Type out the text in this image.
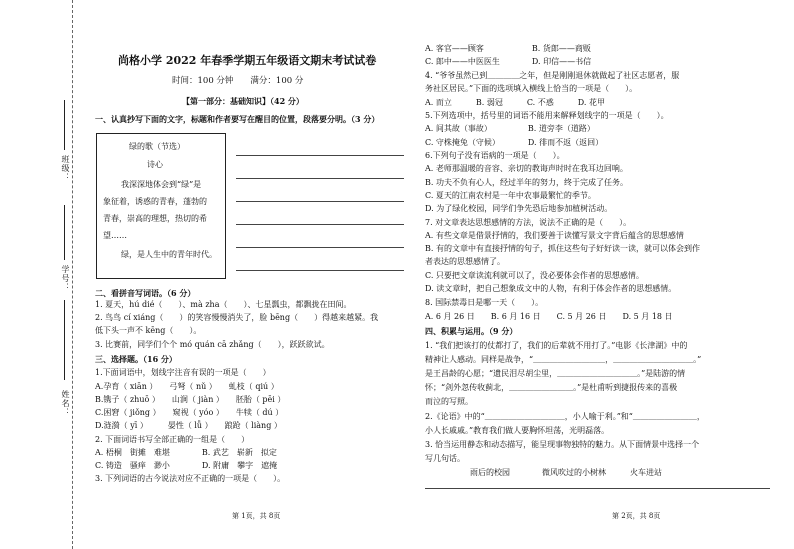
班级：
学号：
姓名：
尚格小学 2022 年春季学期五年级语文期末考试试卷
时间：100 分钟　　满分：100 分
【第一部分：基础知识】（42 分）
一、认真抄写下面的文字，标题和作者要写在醒目的位置，段落要分明。（3 分）
绿的歌（节选）
诗心
我深深地体会到“绿”是
象征着，诱惑的青春，蓬勃的
青春，崇高的理想，热切的希
望……
绿，是人生中的青年时代。
二、看拼音写词语。（6 分）
1. 夏天，hú dié（　　）、mà zha（　　）、七星瓢虫，都飘拢在田间。
2. 鸟鸟 cí xiáng（　　）的笑容慢慢消失了，脸 bēng（　　）得越来越紧。我
低下头一声不 kēng（　　）。
3. 比赛前，同学们个个 mó quán cā zhǎng（　　），跃跃欲试。
三、选择题。（16 分）
1.下面词语中，划线字注音有误的一项是（　　）
A.孕育（ xiān ）　　弓弩（ nǔ ）　　虬枝（ qiú ）
B.镌子（ zhuō ）　　山涧（ jiàn ）　　胚胎（ pēi ）
C.困窘（ jiǒng ）　　窥视（ yóo ）　　牛犊（ dú ）
D.涟漪（ yī ）　　　晏性（ lǚ ）　　踉跄（ liàng ）
2. 下面词语书写全部正确的一组是（　　）
A. 梧桐　街摊　难堪　　　　B. 武艺　崭新　拟定
C. 铸造　骚痒　渺小　　　　D. 附庸　攀字　遮掩
3. 下列词语的古今说法对应不正确的一项是（　　）。
第 1页，共 8页
A. 客官——顾客　　　　　　B. 货郎——商贩
C. 郎中——中医医生　　　　D. 印信——书信
4. “爷爷虽然已到＿＿＿＿之年，但是刚刚退休就做起了社区志愿者，服
务社区居民。”下面的选项填入横线上恰当的一项是（　　）。
A. 而立　　　B. 弱冠　　　C. 不惑　　　D. 花甲
5.下列选项中，括号里的词语不能用来解释划线字的一项是（　　）。
A. 间其故（事故）　　　　　B. 道旁李（道路）
C. 守株掩兔（守候）　　　　D. 徘而不返（返回）
6.下列句子没有语病的一项是（　　）。
A. 老师那温暖的音容、亲切的教诲声时时在我耳边回响。
B. 功夫不负有心人，经过半年的努力，终于完成了任务。
C. 夏天的江南农村是一年中农事最繁忙的季节。
D. 为了绿化校园，同学们争先恐后地参加植树活动。
7. 对文章表达思想感情的方法，说法不正确的是（　　）。
A. 有些文章是借景抒情的，我们要善于读懂写景文字背后蕴含的思想感情
B. 有的文章中有直接抒情的句子，抓住这些句子好好读一读，就可以体会到作
者表达的思想感情了。
C. 只要把文章读流利就可以了，没必要体会作者的思想感情。
D. 读文章时，把自己想象成文中的人物，有利于体会作者的思想感情。
8. 国际禁毒日是哪一天（　　）。
A. 6 月 26 日　　B. 6 月 16 日　　C. 5 月 26 日　　D. 5 月 18 日
四、积累与运用。（9 分）
1. “我们把该打的仗都打了，我们的后辈就不用打了。”电影《长津湖》中的
精神让人感动。同样是战争，“＿＿＿＿＿＿＿＿＿，＿＿＿＿＿＿＿＿＿＿。”
是王昌龄的心愿；“遗民泪尽胡尘里，＿＿＿＿＿＿＿＿＿＿。”是陆游的情
怀；“剑外忽传收蓟北，＿＿＿＿＿＿＿＿。”是杜甫听到捷报传来的喜极
而泣的写照。
2.《论语》中的“＿＿＿＿＿＿＿＿＿＿，小人喻于利。”和“＿＿＿＿＿＿＿＿，
小人长戚戚。”教育我们做人要胸怀坦荡，光明磊落。
3. 恰当运用静态和动态描写，能呈现事物独特的魅力。从下面情景中选择一个
写几句话。
雨后的校园　　　　微风吹过的小树林　　　火车进站
第 2页，共 8页
